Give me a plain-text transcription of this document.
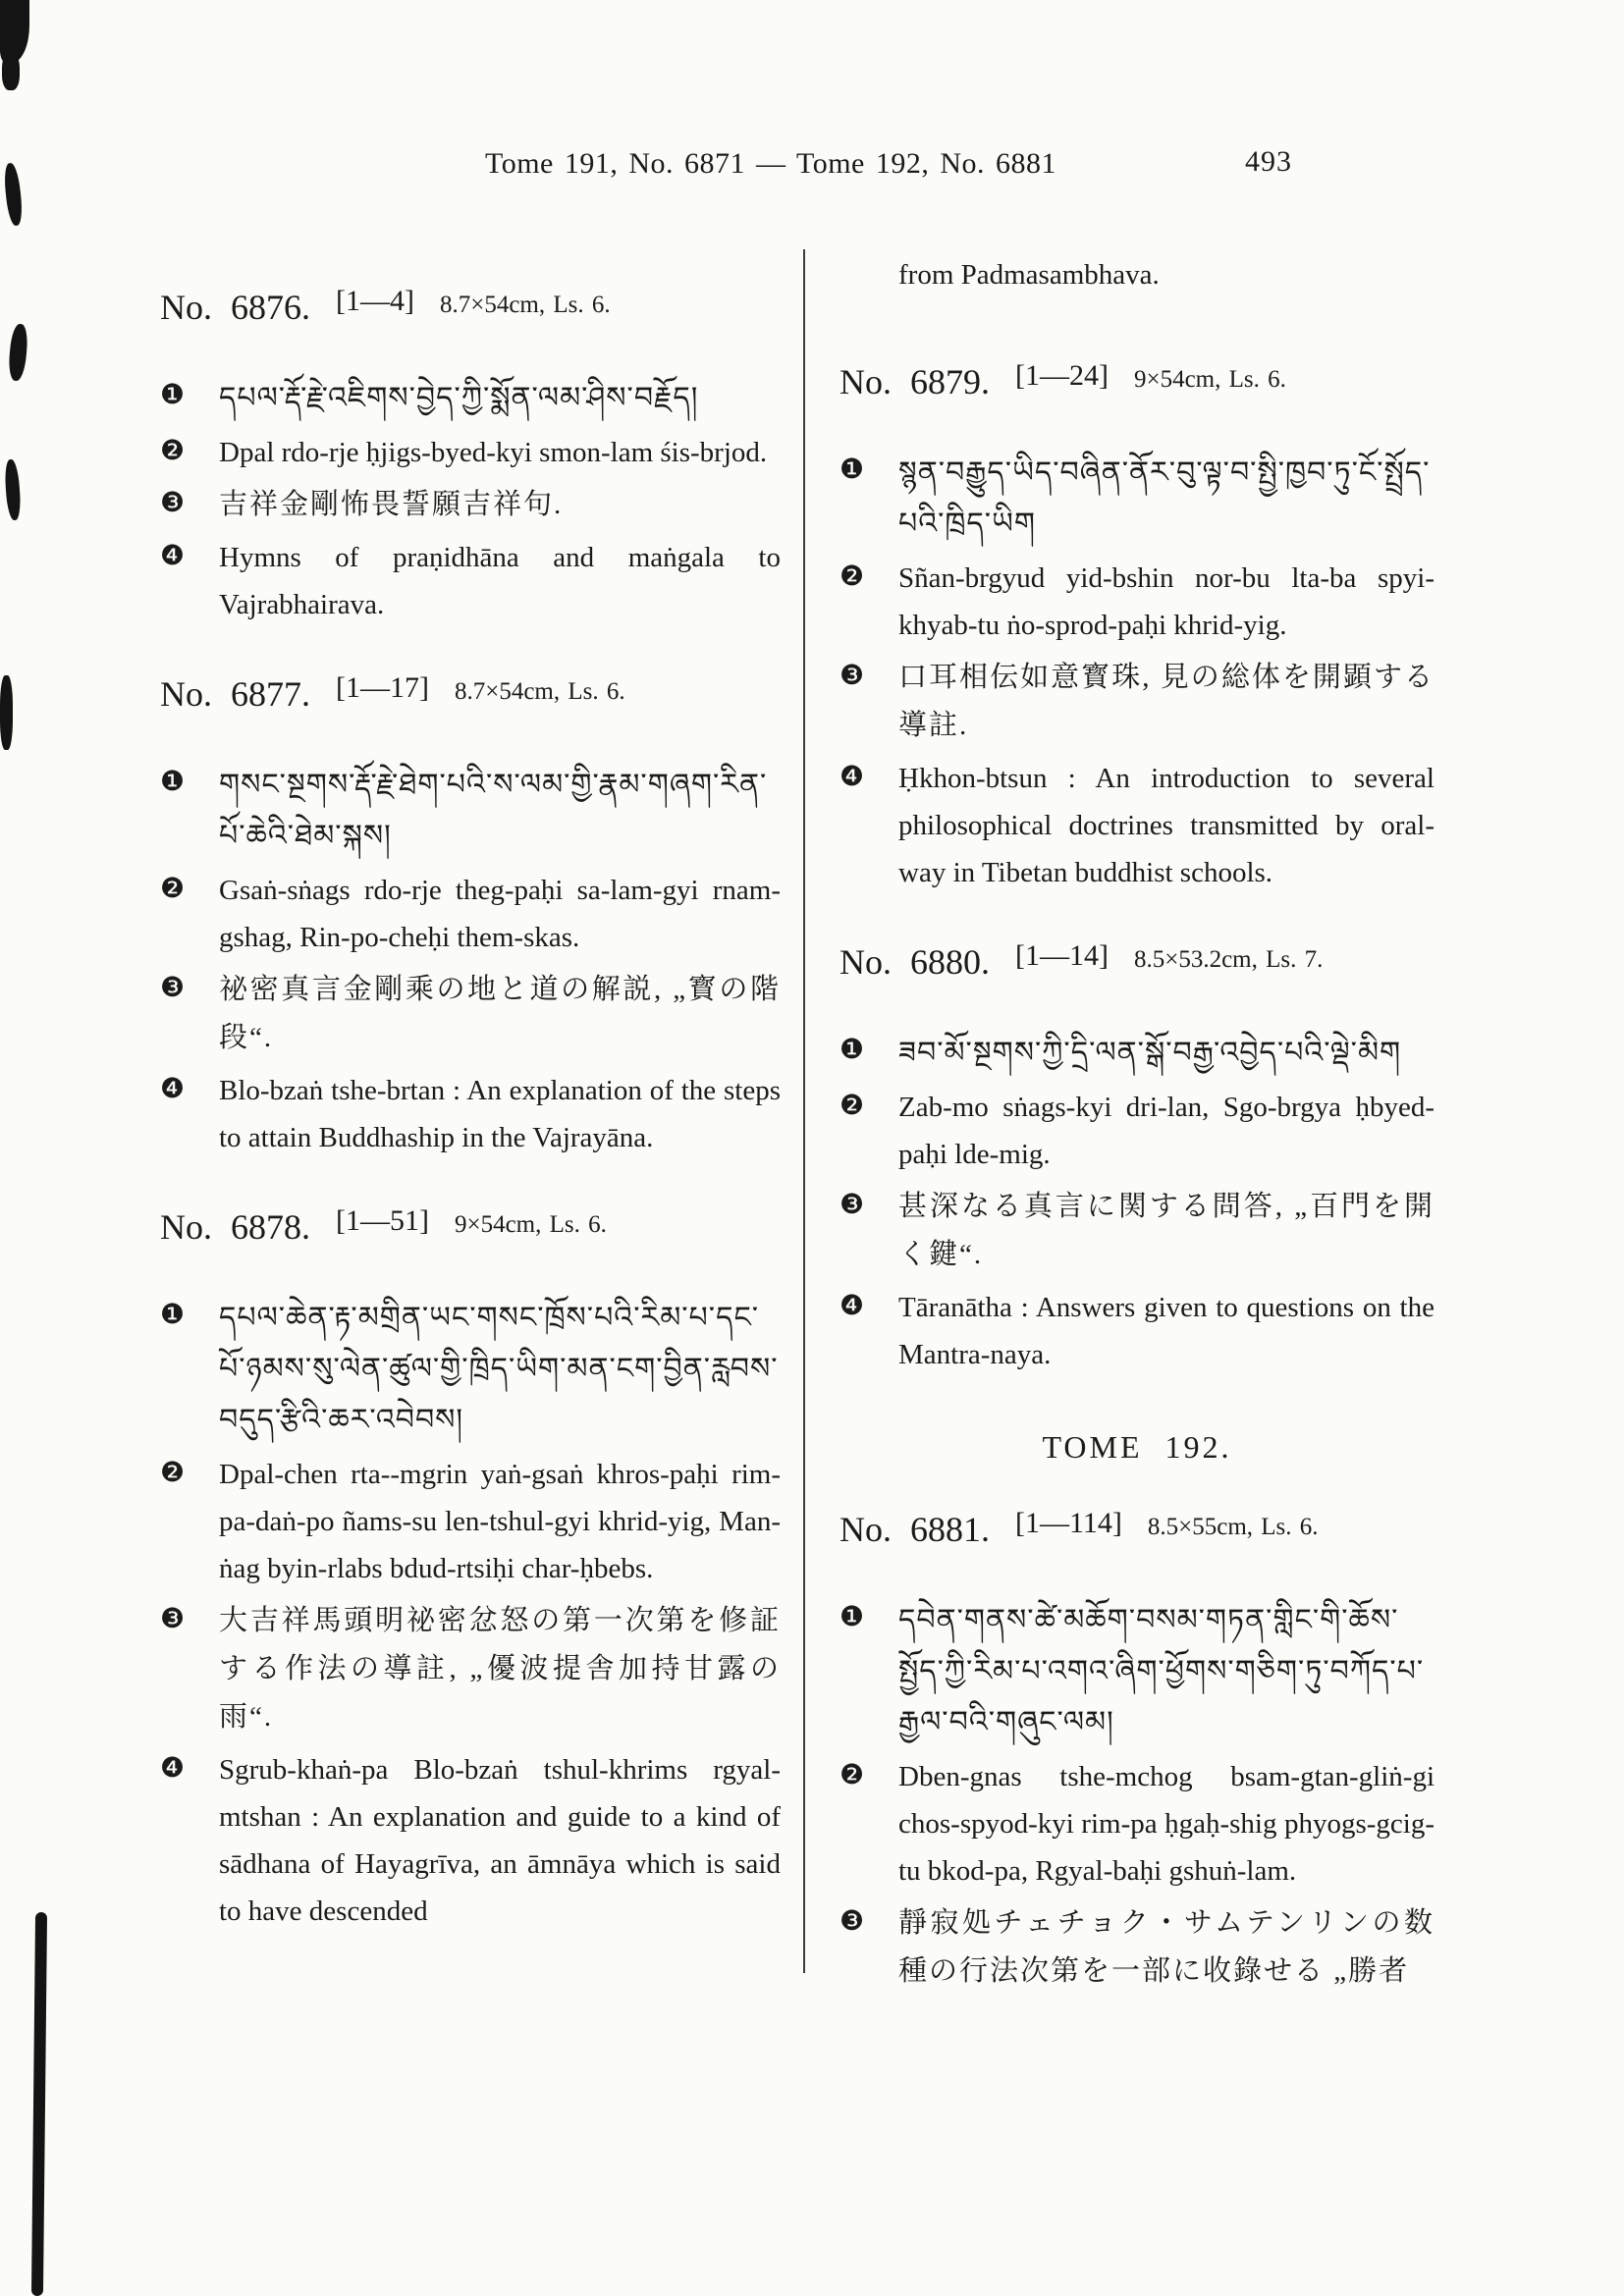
Tome 191, No. 6871 — Tome 192, No. 6881	493
No. 6876. [1—4] 8.7×54cm, Ls. 6.
❶ དཔལ་རྡོ་རྗེ་འཇིགས་བྱེད་ཀྱི་སྨོན་ལམ་ཤིས་བརྗོད།
❷ Dpal rdo-rje ḥjigs-byed-kyi smon-lam śis-brjod.
❸ 吉祥金剛怖畏誓願吉祥句.
❹ Hymns of praṇidhāna and maṅgala to Vajrabhairava.
No. 6877. [1—17] 8.7×54cm, Ls. 6.
❶ གསང་སྔགས་རྡོ་རྗེ་ཐེག་པའི་ས་ལམ་གྱི་རྣམ་གཞག་རིན་པོ་ཆེའི་ཐེམ་སྐས།
❷ Gsaṅ-sṅags rdo-rje theg-paḥi sa-lam-gyi rnam-gshag, Rin-po-cheḥi them-skas.
❸ 祕密真言金剛乘の地と道の解説, „寳の階段“.
❹ Blo-bzaṅ tshe-brtan : An explanation of the steps to attain Buddhaship in the Vajrayāna.
No. 6878. [1—51] 9×54cm, Ls. 6.
❶ དཔལ་ཆེན་རྟ་མགྲིན་ཡང་གསང་ཁྲོས་པའི་རིམ་པ་དང་པོ་ཉམས་སུ་ལེན་ཚུལ་གྱི་ཁྲིད་ཡིག་མན་ངག་བྱིན་རླབས་བདུད་རྩིའི་ཆར་འབེབས།
❷ Dpal-chen rta--mgrin yaṅ-gsaṅ khros-paḥi rim-pa-daṅ-po ñams-su len-tshul-gyi khrid-yig, Man-ṅag byin-rlabs bdud-rtsiḥi char-ḥbebs.
❸ 大吉祥馬頭明祕密忿怒の第一次第を修証する作法の導註, „優波提舎加持甘露の雨“.
❹ Sgrub-khaṅ-pa Blo-bzaṅ tshul-khrims rgyal-mtshan : An explanation and guide to a kind of sādhana of Hayagrīva, an āmnāya which is said to have descended

from Padmasambhava.

No. 6879. [1—24] 9×54cm, Ls. 6.
❶ སྙན་བརྒྱུད་ཡིད་བཞིན་ནོར་བུ་ལྟ་བ་སྤྱི་ཁྱབ་ཏུ་ངོ་སྤྲོད་པའི་ཁྲིད་ཡིག
❷ Sñan-brgyud yid-bshin nor-bu lta-ba spyi-khyab-tu ṅo-sprod-paḥi khrid-yig.
❸ 口耳相伝如意寳珠, 見の総体を開顕する導註.
❹ Ḥkhon-btsun : An introduction to several philosophical doctrines transmitted by oral-way in Tibetan buddhist schools.
No. 6880. [1—14] 8.5×53.2cm, Ls. 7.
❶ ཟབ་མོ་སྔགས་ཀྱི་དྲི་ལན་སྒོ་བརྒྱ་འབྱེད་པའི་ལྡེ་མིག
❷ Zab-mo sṅags-kyi dri-lan, Sgo-brgya ḥbyed-paḥi lde-mig.
❸ 甚深なる真言に関する問答, „百門を開く鍵“.
❹ Tāranātha : Answers given to questions on the Mantra-naya.
TOME 192.
No. 6881. [1—114] 8.5×55cm, Ls. 6.
❶ དབེན་གནས་ཚེ་མཆོག་བསམ་གཏན་གླིང་གི་ཆོས་སྤྱོད་ཀྱི་རིམ་པ་འགའ་ཞིག་ཕྱོགས་གཅིག་ཏུ་བཀོད་པ་རྒྱལ་བའི་གཞུང་ལམ།
❷ Dben-gnas tshe-mchog bsam-gtan-gliṅ-gi chos-spyod-kyi rim-pa ḥgaḥ-shig phyogs-gcig-tu bkod-pa, Rgyal-baḥi gshuṅ-lam.
❸ 靜寂処チェチョク・サムテンリンの数種の行法次第を一部に收錄せる „勝者
